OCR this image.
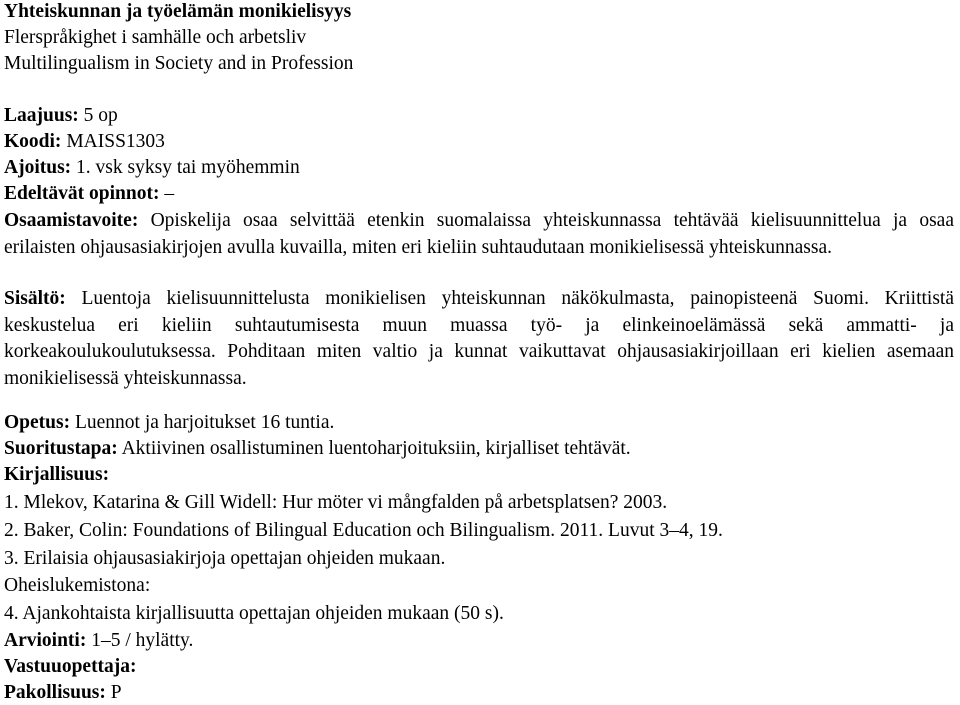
Yhteiskunnan ja työelämän monikielisyys
Flerspråkighet i samhälle och arbetsliv
Multilingualism in Society and in Profession
Laajuus: 5 op
Koodi: MAISS1303
Ajoitus: 1. vsk syksy tai myöhemmin
Edeltävät opinnot: –
Osaamistavoite: Opiskelija osaa selvittää etenkin suomalaissa yhteiskunnassa tehtävää kielisuunnittelua ja osaa erilaisten ohjausasiakirjojen avulla kuvailla, miten eri kieliin suhtaudutaan monikielisessä yhteiskunnassa.
Sisältö: Luentoja kielisuunnittelusta monikielisen yhteiskunnan näkökulmasta, painopisteenä Suomi. Kriittistä keskustelua eri kieliin suhtautumisesta muun muassa työ- ja elinkeinoelämässä sekä ammatti- ja korkeakoulukoulutuksessa. Pohditaan miten valtio ja kunnat vaikuttavat ohjausasiakirjoillaan eri kielien asemaan monikielisessä yhteiskunnassa.
Opetus: Luennot ja harjoitukset 16 tuntia.
Suoritustapa: Aktiivinen osallistuminen luentoharjoituksiin, kirjalliset tehtävät.
Kirjallisuus:
1. Mlekov, Katarina & Gill Widell: Hur möter vi mångfalden på arbetsplatsen? 2003.
2. Baker, Colin: Foundations of Bilingual Education och Bilingualism. 2011. Luvut 3–4, 19.
3. Erilaisia ohjausasiakirjoja opettajan ohjeiden mukaan.
Oheislukemistona:
4. Ajankohtaista kirjallisuutta opettajan ohjeiden mukaan (50 s).
Arviointi: 1–5 / hylätty.
Vastuuopettaja:
Pakollisuus: P
